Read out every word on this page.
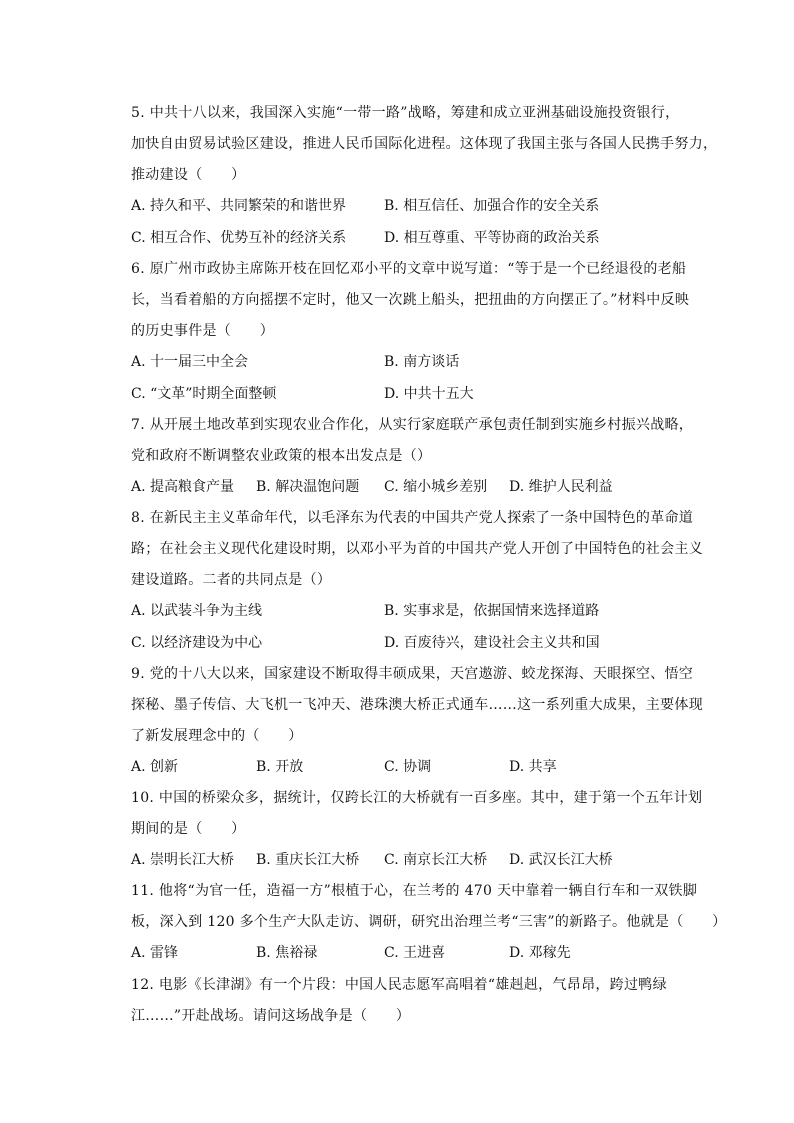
5. 中共十八以来，我国深入实施“一带一路”战略，筹建和成立亚洲基础设施投资银行，
加快自由贸易试验区建设，推进人民币国际化进程。这体现了我国主张与各国人民携手努力，
推动建设（　　）
A. 持久和平、共同繁荣的和谐世界	B. 相互信任、加强合作的安全关系
C. 相互合作、优势互补的经济关系	D. 相互尊重、平等协商的政治关系
6. 原广州市政协主席陈开枝在回忆邓小平的文章中说写道：“等于是一个已经退役的老船
长，当看着船的方向摇摆不定时，他又一次跳上船头，把扭曲的方向摆正了。”材料中反映
的历史事件是（　　）
A. 十一届三中全会	B. 南方谈话
C. “文革”时期全面整顿	D. 中共十五大
7. 从开展土地改革到实现农业合作化，从实行家庭联产承包责任制到实施乡村振兴战略，
党和政府不断调整农业政策的根本出发点是（）
A. 提高粮食产量 B. 解决温饱问题 C. 缩小城乡差别 D. 维护人民利益
8. 在新民主主义革命年代，以毛泽东为代表的中国共产党人探索了一条中国特色的革命道
路；在社会主义现代化建设时期，以邓小平为首的中国共产党人开创了中国特色的社会主义
建设道路。二者的共同点是（）
A. 以武装斗争为主线	B. 实事求是，依据国情来选择道路
C. 以经济建设为中心	D. 百废待兴，建设社会主义共和国
9. 党的十八大以来，国家建设不断取得丰硕成果，天宫遨游、蛟龙探海、天眼探空、悟空
探秘、墨子传信、大飞机一飞冲天、港珠澳大桥正式通车……这一系列重大成果，主要体现
了新发展理念中的（　　）
A. 创新	B. 开放	C. 协调	D. 共享
10. 中国的桥梁众多，据统计，仅跨长江的大桥就有一百多座。其中，建于第一个五年计划
期间的是（　　）
A. 崇明长江大桥 B. 重庆长江大桥 C. 南京长江大桥 D. 武汉长江大桥
11. 他将“为官一任，造福一方”根植于心，在兰考的 470 天中靠着一辆自行车和一双铁脚
板，深入到 120 多个生产大队走访、调研，研究出治理兰考“三害”的新路子。他就是（　　）
A. 雷锋	B. 焦裕禄	C. 王进喜	D. 邓稼先
12. 电影《长津湖》有一个片段：中国人民志愿军高唱着“雄赳赳，气昂昂，跨过鸭绿
江……”开赴战场。请问这场战争是（　　）
